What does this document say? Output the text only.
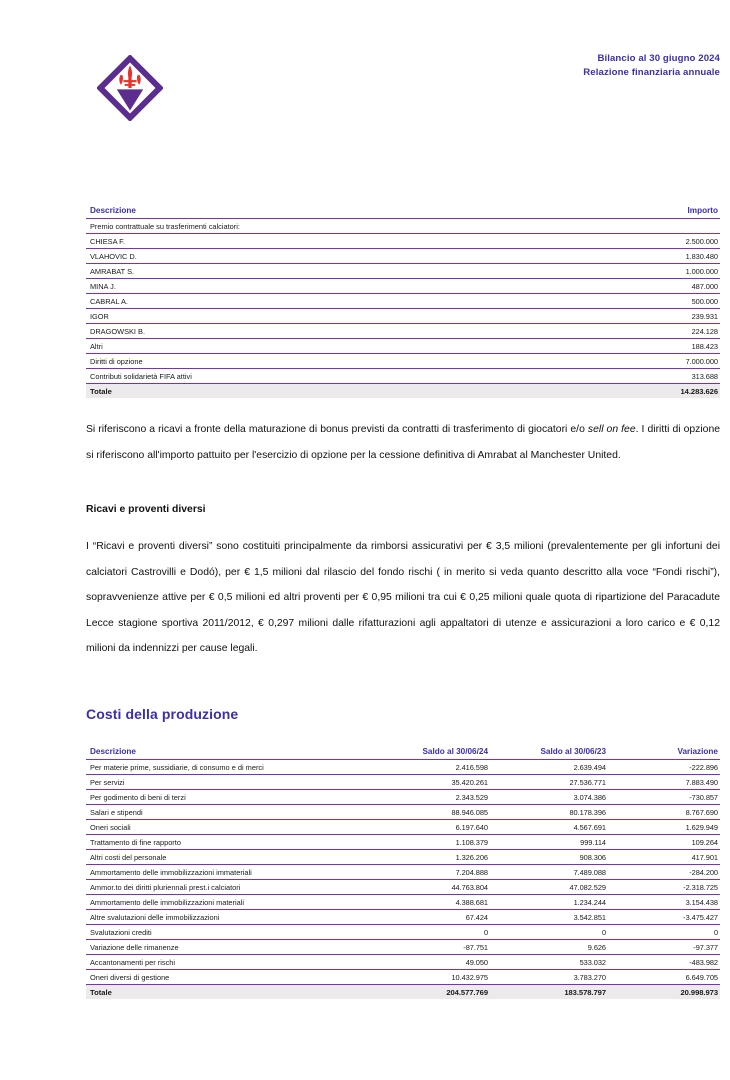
Bilancio al 30 giugno 2024
Relazione finanziaria annuale
Descrizione	Importo
Premio contrattuale su trasferimenti calciatori:	
CHIESA F.	2.500.000
VLAHOVIC D.	1.830.480
AMRABAT S.	1.000.000
MINA J.	487.000
CABRAL A.	500.000
IGOR	239.931
DRAGOWSKI B.	224.128
Altri	188.423
Diritti di opzione	7.000.000
Contributi solidarietà FIFA attivi	313.688
Totale	14.283.626
Si riferiscono a ricavi a fronte della maturazione di bonus previsti da contratti di trasferimento di giocatori e/o sell on fee. I diritti di opzione si riferiscono all'importo pattuito per l'esercizio di opzione per la cessione definitiva di Amrabat al Manchester United.
Ricavi e proventi diversi
I “Ricavi e proventi diversi” sono costituiti principalmente da rimborsi assicurativi per € 3,5 milioni (prevalentemente per gli infortuni dei calciatori Castrovilli e Dodó), per € 1,5 milioni dal rilascio del fondo rischi ( in merito si veda quanto descritto alla voce “Fondi rischi”), sopravvenienze attive per € 0,5 milioni ed altri proventi per € 0,95 milioni tra cui € 0,25 milioni quale quota di ripartizione del Paracadute Lecce stagione sportiva 2011/2012, € 0,297 milioni dalle rifatturazioni agli appaltatori di utenze e assicurazioni a loro carico e € 0,12 milioni da indennizzi per cause legali.
Costi della produzione
Descrizione	Saldo al 30/06/24	Saldo al 30/06/23	Variazione
Per materie prime, sussidiarie, di consumo e di merci	2.416.598	2.639.494	-222.896
Per servizi	35.420.261	27.536.771	7.883.490
Per godimento di beni di terzi	2.343.529	3.074.386	-730.857
Salari e stipendi	88.946.085	80.178.396	8.767.690
Oneri sociali	6.197.640	4.567.691	1.629.949
Trattamento di fine rapporto	1.108.379	999.114	109.264
Altri costi del personale	1.326.206	908.306	417.901
Ammortamento delle immobilizzazioni immateriali	7.204.888	7.489.088	-284.200
Ammor.to dei diritti pluriennali prest.i calciatori	44.763.804	47.082.529	-2.318.725
Ammortamento delle immobilizzazioni materiali	4.388.681	1.234.244	3.154.438
Altre svalutazioni delle immobilizzazioni	67.424	3.542.851	-3.475.427
Svalutazioni crediti	0	0	0
Variazione delle rimanenze	-87.751	9.626	-97.377
Accantonamenti per rischi	49.050	533.032	-483.982
Oneri diversi di gestione	10.432.975	3.783.270	6.649.705
Totale	204.577.769	183.578.797	20.998.973
